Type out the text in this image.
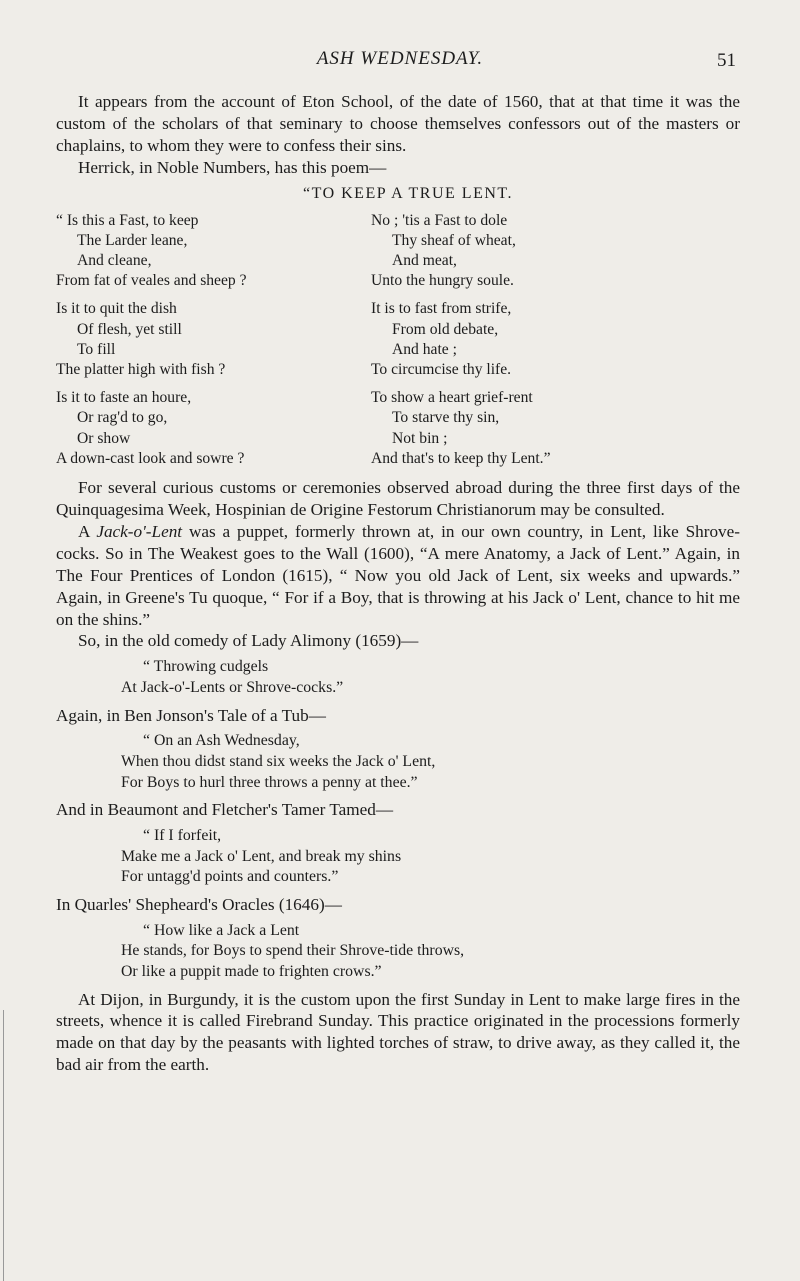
ASH WEDNESDAY.	51

It appears from the account of Eton School, of the date of 1560, that at that time it was the custom of the scholars of that seminary to choose themselves confessors out of the masters or chaplains, to whom they were to confess their sins.

Herrick, in Noble Numbers, has this poem—

“TO KEEP A TRUE LENT.
“ Is this a Fast, to keep
The Larder leane,
And cleane,
From fat of veales and sheep ?
Is it to quit the dish
Of flesh, yet still
To fill
The platter high with fish ?
Is it to faste an houre,
Or rag'd to go,
Or show
A down-cast look and sowre ?
No ; 'tis a Fast to dole
Thy sheaf of wheat,
And meat,
Unto the hungry soule.
It is to fast from strife,
From old debate,
And hate ;
To circumcise thy life.
To show a heart grief-rent
To starve thy sin,
Not bin ;
And that's to keep thy Lent.”

For several curious customs or ceremonies observed abroad during the three first days of the Quinquagesima Week, Hospinian de Origine Festorum Christianorum may be consulted.

A Jack-o'-Lent was a puppet, formerly thrown at, in our own country, in Lent, like Shrove-cocks. So in The Weakest goes to the Wall (1600), “A mere Anatomy, a Jack of Lent.” Again, in The Four Prentices of London (1615), “ Now you old Jack of Lent, six weeks and upwards.” Again, in Greene's Tu quoque, “ For if a Boy, that is throwing at his Jack o' Lent, chance to hit me on the shins.”

So, in the old comedy of Lady Alimony (1659)—

“ Throwing cudgels
At Jack-o'-Lents or Shrove-cocks.”

Again, in Ben Jonson's Tale of a Tub—

“ On an Ash Wednesday,
When thou didst stand six weeks the Jack o' Lent,
For Boys to hurl three throws a penny at thee.”

And in Beaumont and Fletcher's Tamer Tamed—

“ If I forfeit,
Make me a Jack o' Lent, and break my shins
For untagg'd points and counters.”

In Quarles' Shepheard's Oracles (1646)—

“ How like a Jack a Lent
He stands, for Boys to spend their Shrove-tide throws,
Or like a puppit made to frighten crows.”

At Dijon, in Burgundy, it is the custom upon the first Sunday in Lent to make large fires in the streets, whence it is called Firebrand Sunday. This practice originated in the processions formerly made on that day by the peasants with lighted torches of straw, to drive away, as they called it, the bad air from the earth.
